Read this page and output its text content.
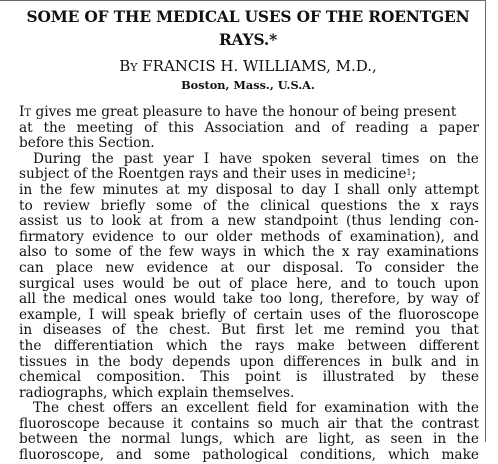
SOME OF THE MEDICAL USES OF THE ROENTGEN
RAYS.*
By FRANCIS H. WILLIAMS, M.D.,
Boston, Mass., U.S.A.
It gives me great pleasure to have the honour of being present
at the meeting of this Association and of reading a paper
before this Section.
During the past year I have spoken several times on the
subject of the Roentgen rays and their uses in medicine$^1$;
in the few minutes at my disposal to day I shall only attempt
to review briefly some of the clinical questions the x rays
assist us to look at from a new standpoint (thus lending con-
firmatory evidence to our older methods of examination), and
also to some of the few ways in which the x ray examinations
can place new evidence at our disposal. To consider the
surgical uses would be out of place here, and to touch upon
all the medical ones would take too long, therefore, by way of
example, I will speak briefly of certain uses of the fluoroscope
in diseases of the chest. But first let me remind you that
the differentiation which the rays make between different
tissues in the body depends upon differences in bulk and in
chemical composition. This point is illustrated by these
radiographs, which explain themselves.
The chest offers an excellent field for examination with the
fluoroscope because it contains so much air that the contrast
between the normal lungs, which are light, as seen in the
fluoroscope, and some pathological conditions, which make
